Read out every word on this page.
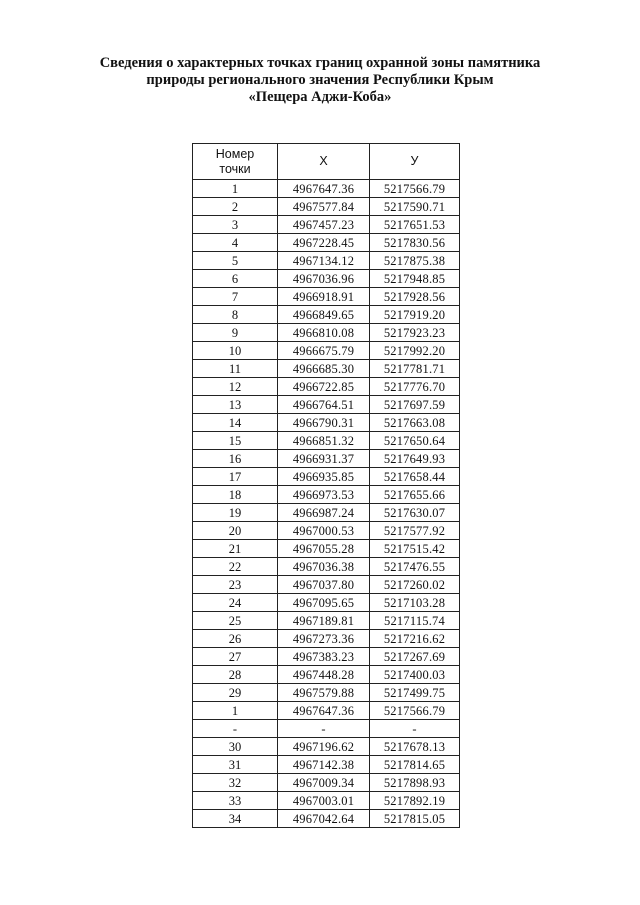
Сведения о характерных точках границ охранной зоны памятника
природы регионального значения Республики Крым
«Пещера Аджи-Коба»
Номер
точки	Х	У
1	4967647.36	5217566.79
2	4967577.84	5217590.71
3	4967457.23	5217651.53
4	4967228.45	5217830.56
5	4967134.12	5217875.38
6	4967036.96	5217948.85
7	4966918.91	5217928.56
8	4966849.65	5217919.20
9	4966810.08	5217923.23
10	4966675.79	5217992.20
11	4966685.30	5217781.71
12	4966722.85	5217776.70
13	4966764.51	5217697.59
14	4966790.31	5217663.08
15	4966851.32	5217650.64
16	4966931.37	5217649.93
17	4966935.85	5217658.44
18	4966973.53	5217655.66
19	4966987.24	5217630.07
20	4967000.53	5217577.92
21	4967055.28	5217515.42
22	4967036.38	5217476.55
23	4967037.80	5217260.02
24	4967095.65	5217103.28
25	4967189.81	5217115.74
26	4967273.36	5217216.62
27	4967383.23	5217267.69
28	4967448.28	5217400.03
29	4967579.88	5217499.75
1	4967647.36	5217566.79
-	-	-
30	4967196.62	5217678.13
31	4967142.38	5217814.65
32	4967009.34	5217898.93
33	4967003.01	5217892.19
34	4967042.64	5217815.05
